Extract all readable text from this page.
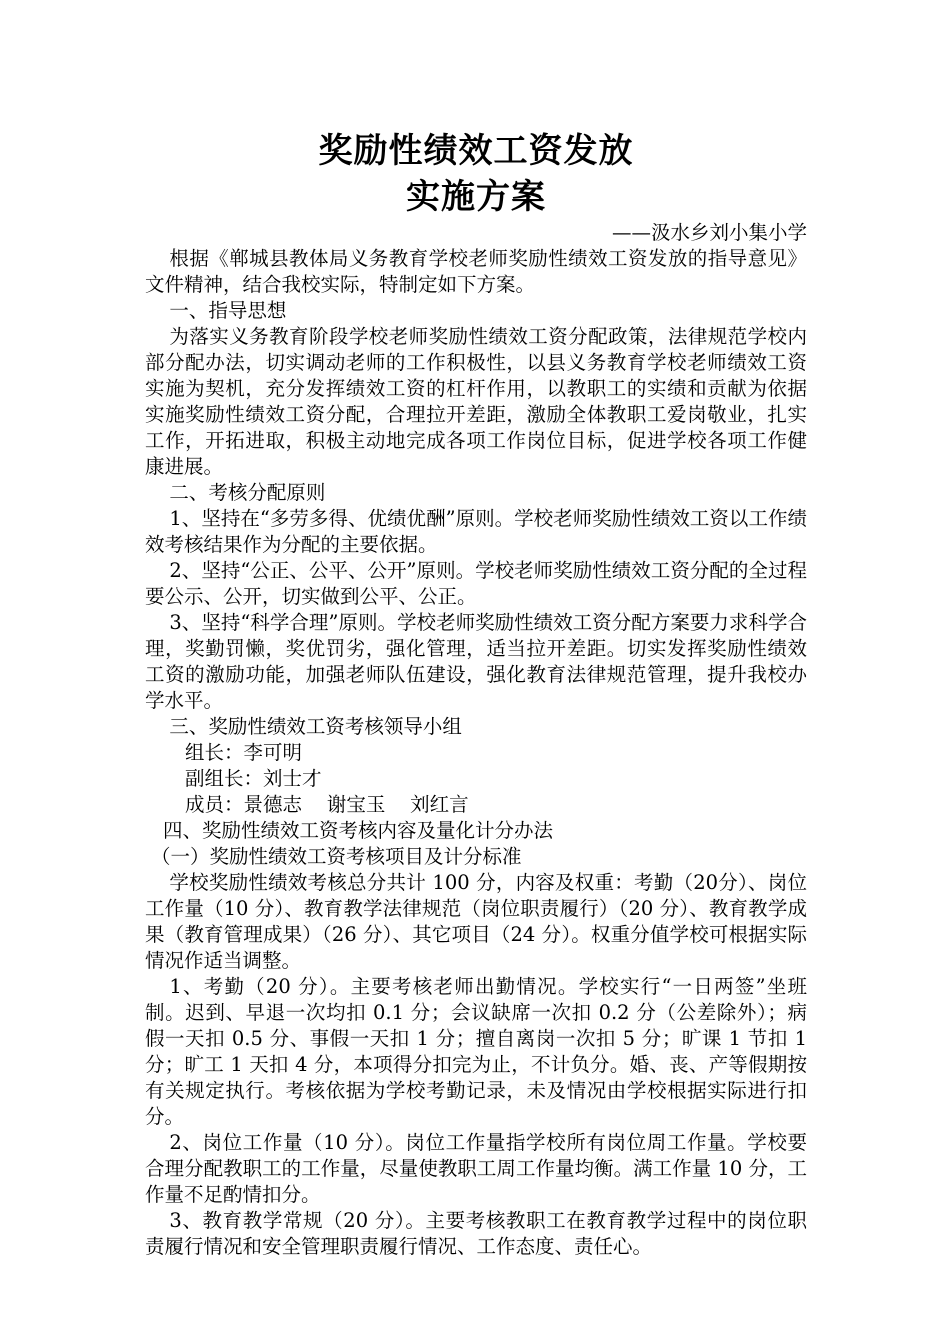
奖励性绩效工资发放
实施方案

——汲水乡刘小集小学

根据《郸城县教体局义务教育学校老师奖励性绩效工资发放的指导意见》文件精神，结合我校实际，特制定如下方案。

一、指导思想

为落实义务教育阶段学校老师奖励性绩效工资分配政策，法律规范学校内部分配办法，切实调动老师的工作积极性，以县义务教育学校老师绩效工资实施为契机，充分发挥绩效工资的杠杆作用，以教职工的实绩和贡献为依据实施奖励性绩效工资分配，合理拉开差距，激励全体教职工爱岗敬业，扎实工作，开拓进取，积极主动地完成各项工作岗位目标，促进学校各项工作健康进展。

二、考核分配原则

1、坚持在“多劳多得、优绩优酬”原则。学校老师奖励性绩效工资以工作绩效考核结果作为分配的主要依据。

2、坚持“公正、公平、公开”原则。学校老师奖励性绩效工资分配的全过程要公示、公开，切实做到公平、公正。

3、坚持“科学合理”原则。学校老师奖励性绩效工资分配方案要力求科学合理，奖勤罚懒，奖优罚劣，强化管理，适当拉开差距。切实发挥奖励性绩效工资的激励功能，加强老师队伍建设，强化教育法律规范管理，提升我校办学水平。

三、奖励性绩效工资考核领导小组

组长：李可明

副组长：刘士才

成员：景德志 谢宝玉 刘红言

四、奖励性绩效工资考核内容及量化计分办法

（一）奖励性绩效工资考核项目及计分标准

学校奖励性绩效考核总分共计 100 分，内容及权重：考勤（20分）、岗位工作量（10 分）、教育教学法律规范（岗位职责履行）（20 分）、教育教学成果（教育管理成果）（26 分）、其它项目（24 分）。权重分值学校可根据实际情况作适当调整。

1、考勤（20 分）。主要考核老师出勤情况。学校实行“一日两签”坐班制。迟到、早退一次均扣 0.1 分；会议缺席一次扣 0.2 分（公差除外）；病假一天扣 0.5 分、事假一天扣 1 分；擅自离岗一次扣 5 分；旷课 1 节扣 1 分；旷工 1 天扣 4 分，本项得分扣完为止，不计负分。婚、丧、产等假期按有关规定执行。考核依据为学校考勤记录，未及情况由学校根据实际进行扣分。

2、岗位工作量（10 分）。岗位工作量指学校所有岗位周工作量。学校要合理分配教职工的工作量，尽量使教职工周工作量均衡。满工作量 10 分，工作量不足酌情扣分。

3、教育教学常规（20 分）。主要考核教职工在教育教学过程中的岗位职责履行情况和安全管理职责履行情况、工作态度、责任心。
